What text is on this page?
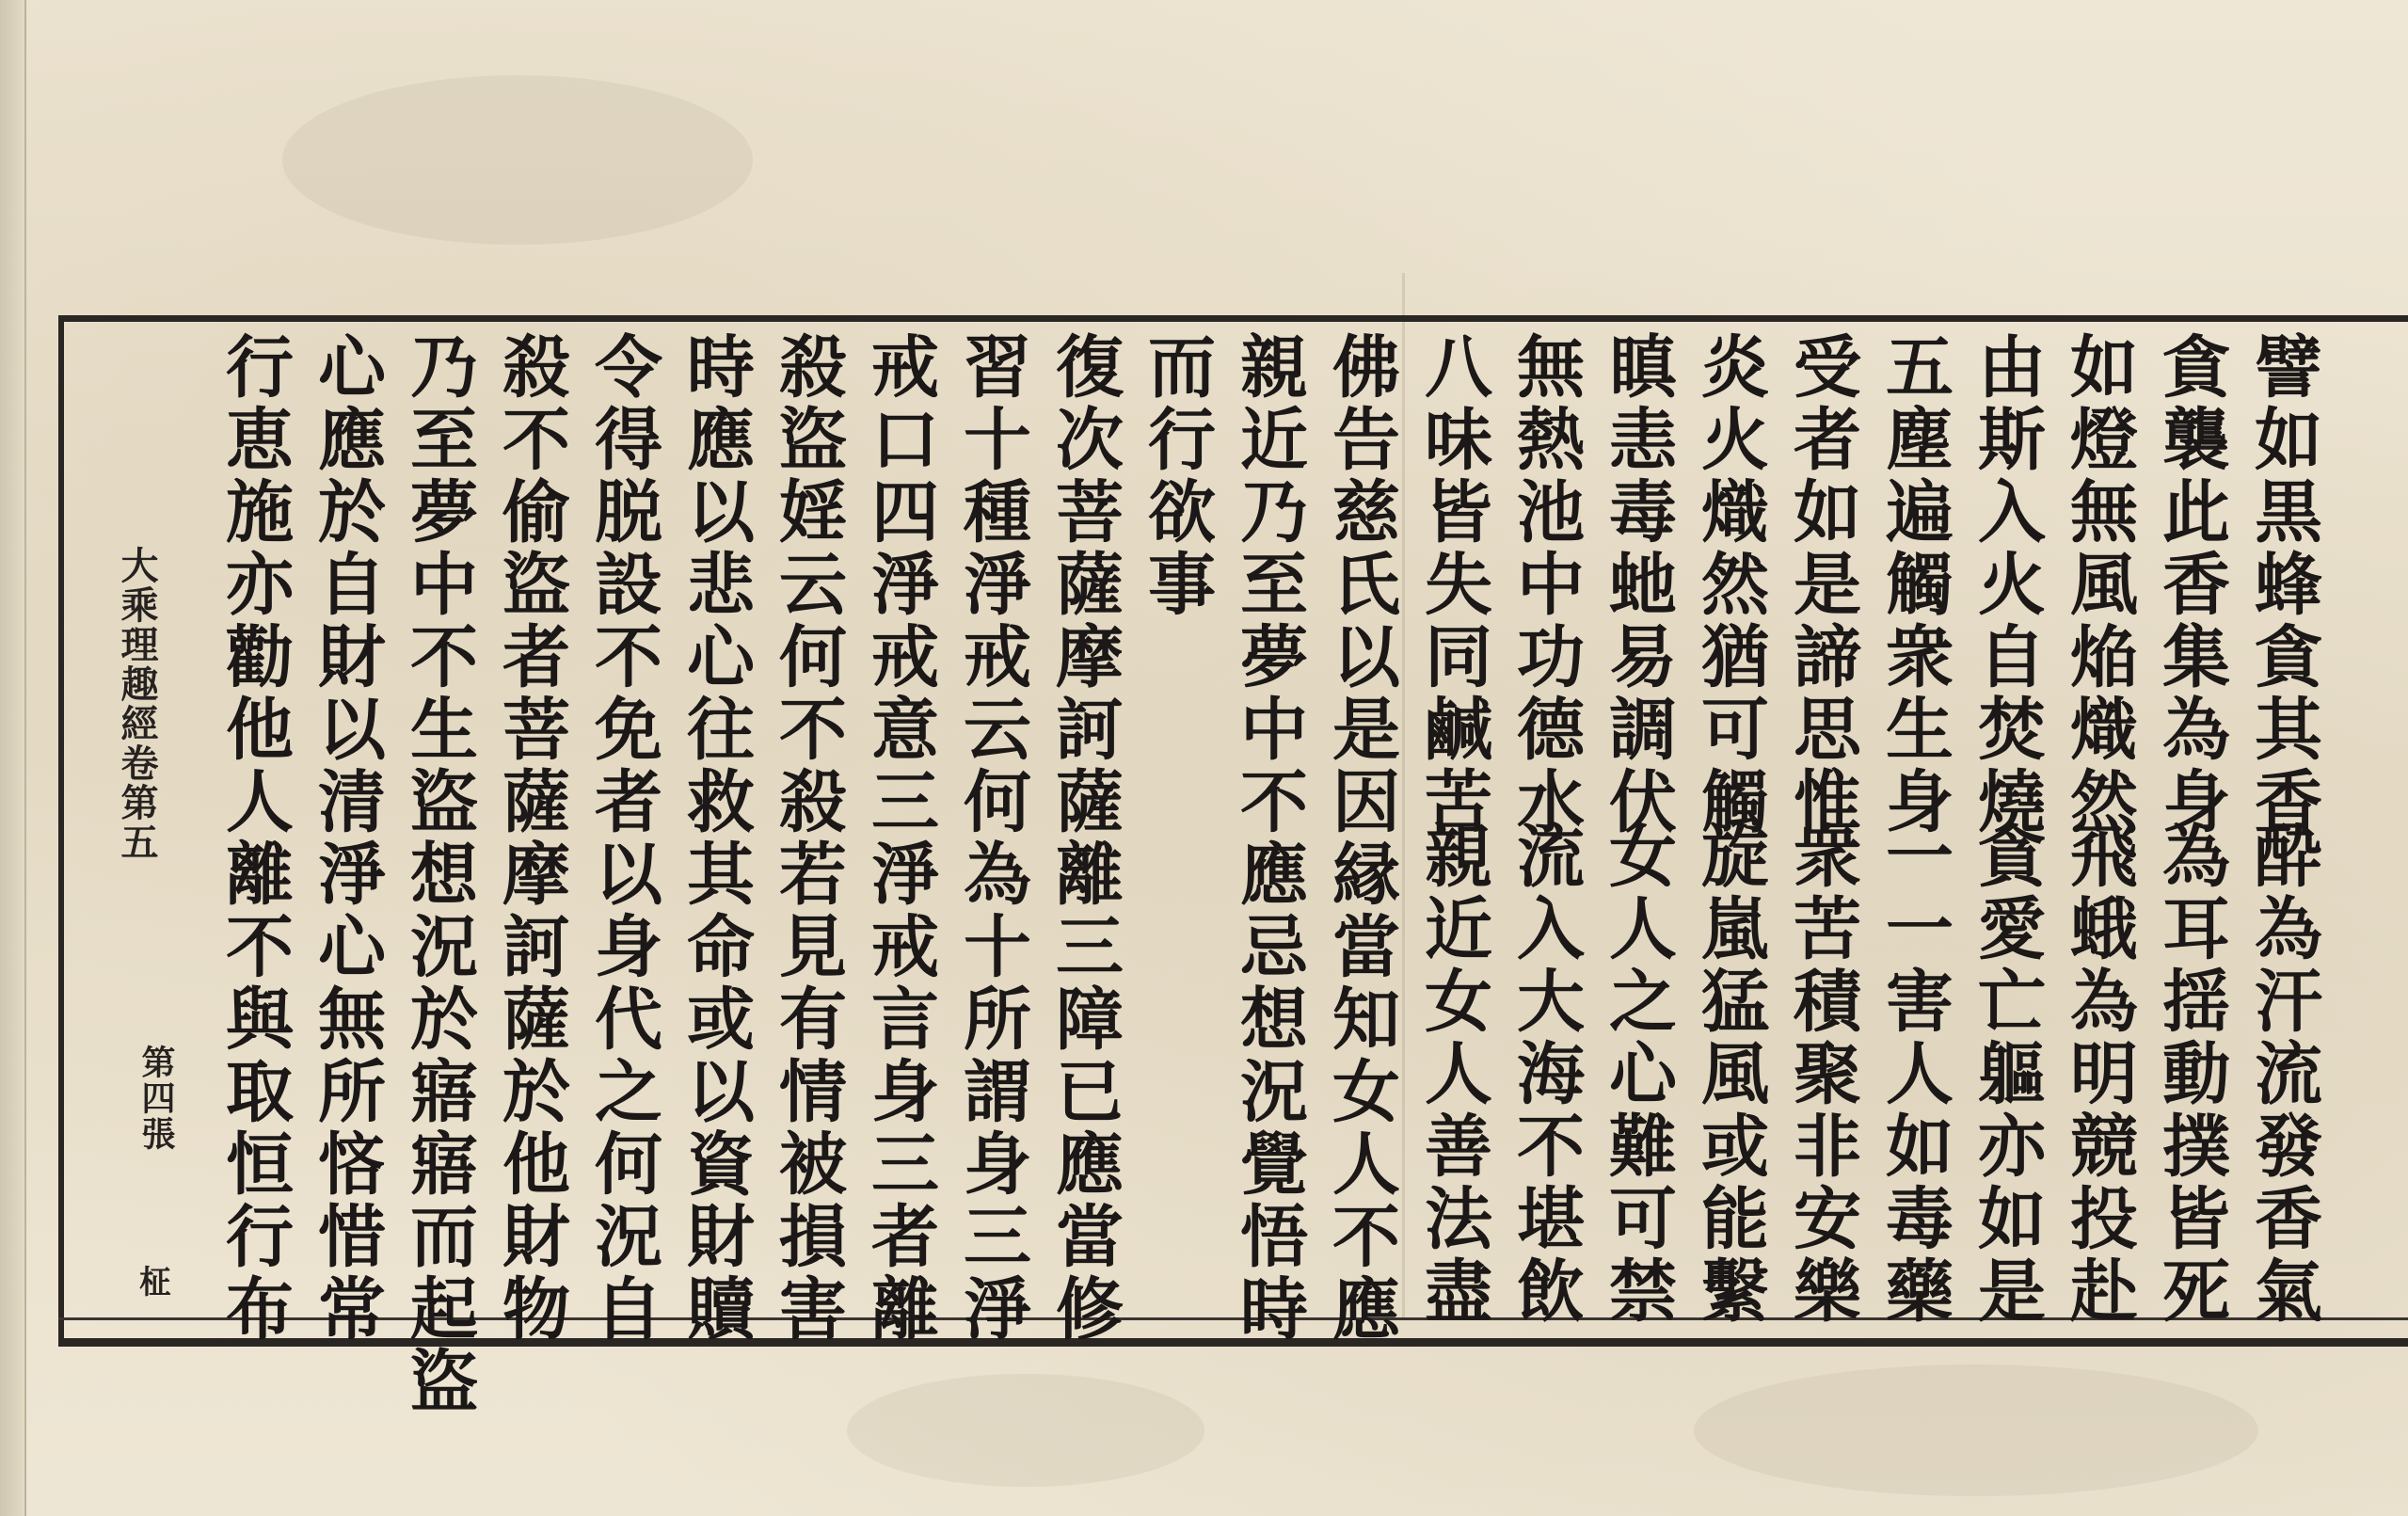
譬如黒蜂貪其香
酔為汗流發香氣
貪襲此香集為身
為耳揺動撲皆死
如燈無風焔熾然
飛蛾為明競投赴
由斯入火自焚燒
貪愛亡軀亦如是
五塵遍觸衆生身
一一害人如毒藥
受者如是諦思惟
衆苦積聚非安樂
炎火熾然猶可觸
旋嵐猛風或能繫
瞋恚毒虵易調伏
女人之心難可禁
無熱池中功德水
流入大海不堪飲
八味皆失同鹹苦
親近女人善法盡
佛告慈氏以是因縁當知女人不應
親近乃至夢中不應忌想況覺悟時
而行欲事
復次菩薩摩訶薩離三障已應當修
習十種淨戒云何為十所謂身三淨
戒口四淨戒意三淨戒言身三者離
殺盜婬云何不殺若見有情被損害
時應以悲心往救其命或以資財贖
令得脱設不免者以身代之何況自
殺不偷盜者菩薩摩訶薩於他財物
乃至夢中不生盜想況於寤寤而起盜
心應於自財以清淨心無所悋惜常
行恵施亦勸他人離不與取恒行布
大乘理趣經卷第五
第四張
柾
